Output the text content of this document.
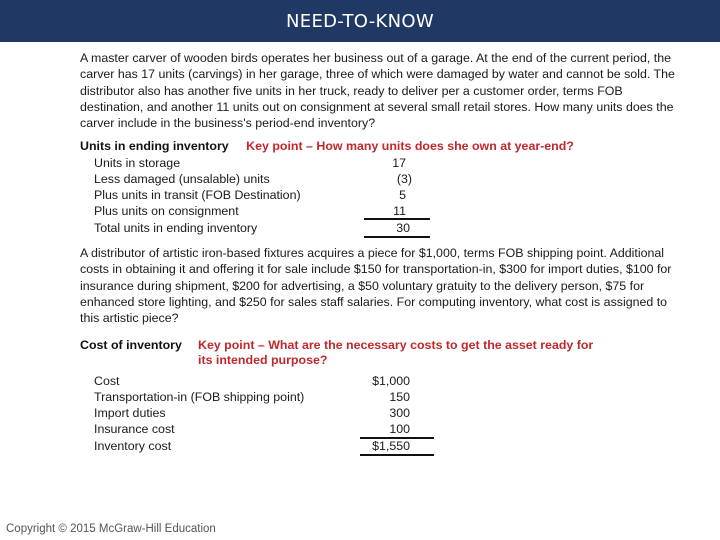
NEED-TO-KNOW

A master carver of wooden birds operates her business out of a garage. At the end of the current period, the carver has 17 units (carvings) in her garage, three of which were damaged by water and cannot be sold. The distributor also has another five units in her truck, ready to deliver per a customer order, terms FOB destination, and another 11 units out on consignment at several small retail stores. How many units does the carver include in the business's period-end inventory?

Units in ending inventory Key point – How many units does she own at year-end?
Units in storage	17
Less damaged (unsalable) units	(3)
Plus units in transit (FOB Destination)	5
Plus units on consignment	11
Total units in ending inventory	30

A distributor of artistic iron-based fixtures acquires a piece for $1,000, terms FOB shipping point. Additional costs in obtaining it and offering it for sale include $150 for transportation-in, $300 for import duties, $100 for insurance during shipment, $200 for advertising, a $50 voluntary gratuity to the delivery person, $75 for enhanced store lighting, and $250 for sales staff salaries. For computing inventory, what cost is assigned to this artistic piece?

Cost of inventory Key point – What are the necessary costs to get the asset ready for its intended purpose?
Cost	$1,000
Transportation-in (FOB shipping point)	150
Import duties	300
Insurance cost	100
Inventory cost	$1,550
Copyright © 2015 McGraw-Hill Education
